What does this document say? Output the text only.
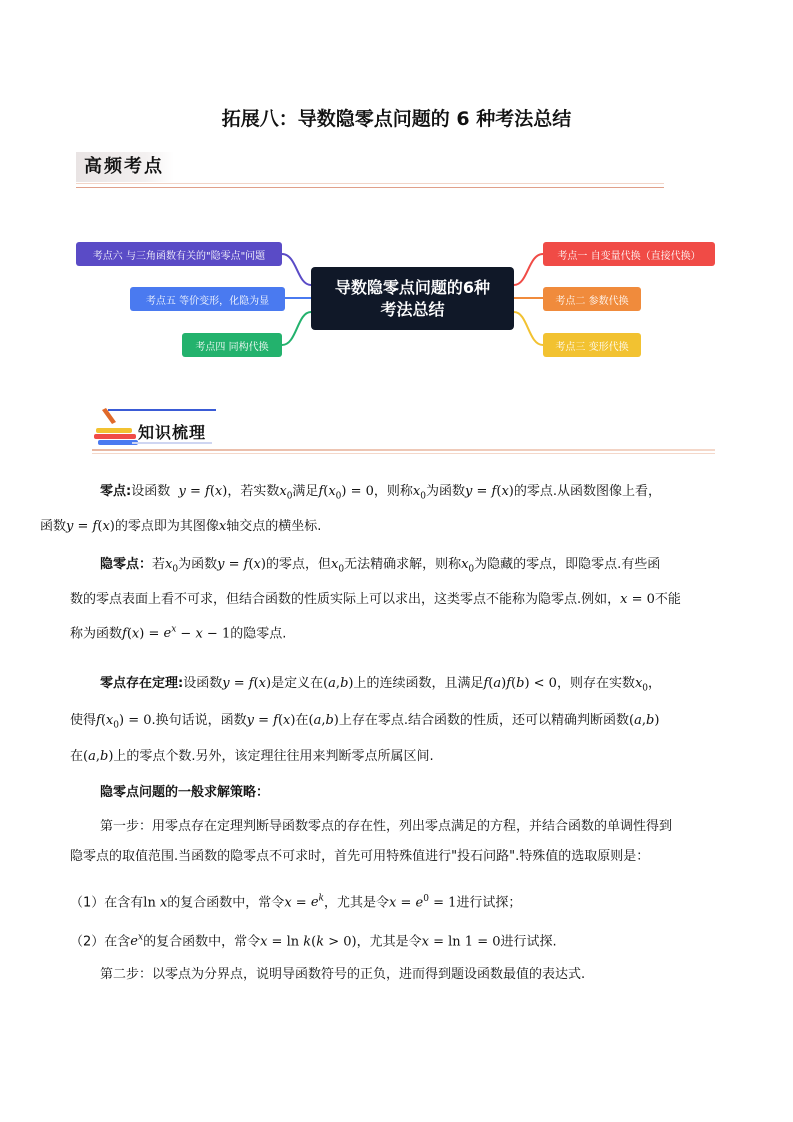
拓展八：导数隐零点问题的 6 种考法总结
高频考点
导数隐零点问题的6种
考法总结
考点一 自变量代换（直接代换）
考点二 参数代换
考点三 变形代换
考点四 同构代换
考点五 等价变形，化隐为显
考点六 与三角函数有关的"隐零点"问题
知识梳理
零点:设函数 y = f(x)，若实数$x_0$满足$f(x_0) = 0$，则称$x_0$为函数y = f(x)的零点.从函数图像上看，
函数y = f(x)的零点即为其图像x轴交点的横坐标.
隐零点：若$x_0$为函数y = f(x)的零点，但$x_0$无法精确求解，则称$x_0$为隐藏的零点，即隐零点.有些函
数的零点表面上看不可求，但结合函数的性质实际上可以求出，这类零点不能称为隐零点.例如，x = 0不能
称为函数$f(x) = e^x - x - 1$的隐零点.
零点存在定理:设函数y = f(x)是定义在(a,b)上的连续函数，且满足f(a)f(b) < 0，则存在实数$x_0$，
使得$f(x_0) = 0$.换句话说，函数y = f(x)在(a,b)上存在零点.结合函数的性质，还可以精确判断函数(a,b)
在(a,b)上的零点个数.另外，该定理往往用来判断零点所属区间.
隐零点问题的一般求解策略：
第一步：用零点存在定理判断导函数零点的存在性，列出零点满足的方程，并结合函数的单调性得到
隐零点的取值范围.当函数的隐零点不可求时，首先可用特殊值进行"投石问路".特殊值的选取原则是：
（1）在含有ln x的复合函数中，常令$x = e^k$，尤其是令$x = e^0 = 1$进行试探；
（2）在含$e^x$的复合函数中，常令x = ln k(k > 0)，尤其是令x = ln 1 = 0进行试探.
第二步：以零点为分界点，说明导函数符号的正负，进而得到题设函数最值的表达式.
